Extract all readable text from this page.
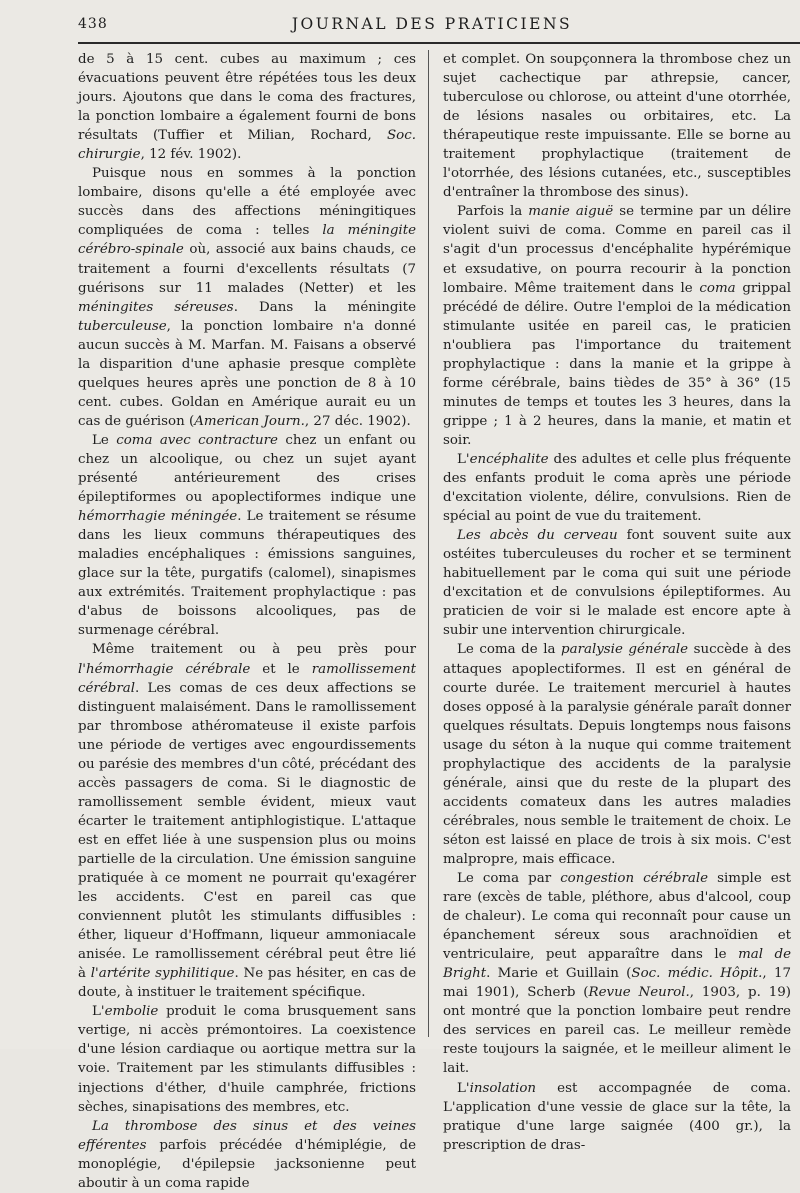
438	JOURNAL DES PRATICIENS

de 5 à 15 cent. cubes au maximum ; ces évacuations peuvent être répétées tous les deux jours. Ajoutons que dans le coma des fractures, la ponction lombaire a également fourni de bons résultats (Tuffier et Milian, Rochard, Soc. chirurgie, 12 fév. 1902).

Puisque nous en sommes à la ponction lombaire, disons qu'elle a été employée avec succès dans des affections méningitiques compliquées de coma : telles la méningite cérébro-spinale où, associé aux bains chauds, ce traitement a fourni d'excellents résultats (7 guérisons sur 11 malades (Netter) et les méningites séreuses. Dans la méningite tuberculeuse, la ponction lombaire n'a donné aucun succès à M. Marfan. M. Faisans a observé la disparition d'une aphasie presque complète quelques heures après une ponction de 8 à 10 cent. cubes. Goldan en Amérique aurait eu un cas de guérison (American Journ., 27 déc. 1902).

Le coma avec contracture chez un enfant ou chez un alcoolique, ou chez un sujet ayant présenté antérieurement des crises épileptiformes ou apoplectiformes indique une hémorrhagie méningée. Le traitement se résume dans les lieux communs thérapeutiques des maladies encéphaliques : émissions sanguines, glace sur la tête, purgatifs (calomel), sinapismes aux extrémités. Traitement prophylactique : pas d'abus de boissons alcooliques, pas de surmenage cérébral.

Même traitement ou à peu près pour l'hémorrhagie cérébrale et le ramollissement cérébral. Les comas de ces deux affections se distinguent malaisément. Dans le ramollissement par thrombose athéromateuse il existe parfois une période de vertiges avec engourdissements ou parésie des membres d'un côté, précédant des accès passagers de coma. Si le diagnostic de ramollissement semble évident, mieux vaut écarter le traitement antiphlogistique. L'attaque est en effet liée à une suspension plus ou moins partielle de la circulation. Une émission sanguine pratiquée à ce moment ne pourrait qu'exagérer les accidents. C'est en pareil cas que conviennent plutôt les stimulants diffusibles : éther, liqueur d'Hoffmann, liqueur ammoniacale anisée. Le ramollissement cérébral peut être lié à l'artérite syphilitique. Ne pas hésiter, en cas de doute, à instituer le traitement spécifique.

L'embolie produit le coma brusquement sans vertige, ni accès prémontoires. La coexistence d'une lésion cardiaque ou aortique mettra sur la voie. Traitement par les stimulants diffusibles : injections d'éther, d'huile camphrée, frictions sèches, sinapisations des membres, etc.

La thrombose des sinus et des veines efférentes parfois précédée d'hémiplégie, de monoplégie, d'épilepsie jacksonienne peut aboutir à un coma rapide

et complet. On soupçonnera la thrombose chez un sujet cachectique par athrepsie, cancer, tuberculose ou chlorose, ou atteint d'une otorrhée, de lésions nasales ou orbitaires, etc. La thérapeutique reste impuissante. Elle se borne au traitement prophylactique (traitement de l'otorrhée, des lésions cutanées, etc., susceptibles d'entraîner la thrombose des sinus).

Parfois la manie aiguë se termine par un délire violent suivi de coma. Comme en pareil cas il s'agit d'un processus d'encéphalite hypérémique et exsudative, on pourra recourir à la ponction lombaire. Même traitement dans le coma grippal précédé de délire. Outre l'emploi de la médication stimulante usitée en pareil cas, le praticien n'oubliera pas l'importance du traitement prophylactique : dans la manie et la grippe à forme cérébrale, bains tièdes de 35° à 36° (15 minutes de temps et toutes les 3 heures, dans la grippe ; 1 à 2 heures, dans la manie, et matin et soir.

L'encéphalite des adultes et celle plus fréquente des enfants produit le coma après une période d'excitation violente, délire, convulsions. Rien de spécial au point de vue du traitement.

Les abcès du cerveau font souvent suite aux ostéites tuberculeuses du rocher et se terminent habituellement par le coma qui suit une période d'excitation et de convulsions épileptiformes. Au praticien de voir si le malade est encore apte à subir une intervention chirurgicale.

Le coma de la paralysie générale succède à des attaques apoplectiformes. Il est en général de courte durée. Le traitement mercuriel à hautes doses opposé à la paralysie générale paraît donner quelques résultats. Depuis longtemps nous faisons usage du séton à la nuque qui comme traitement prophylactique des accidents de la paralysie générale, ainsi que du reste de la plupart des accidents comateux dans les autres maladies cérébrales, nous semble le traitement de choix. Le séton est laissé en place de trois à six mois. C'est malpropre, mais efficace.

Le coma par congestion cérébrale simple est rare (excès de table, pléthore, abus d'alcool, coup de chaleur). Le coma qui reconnaît pour cause un épanchement séreux sous arachnoïdien et ventriculaire, peut apparaître dans le mal de Bright. Marie et Guillain (Soc. médic. Hôpit., 17 mai 1901), Scherb (Revue Neurol., 1903, p. 19) ont montré que la ponction lombaire peut rendre des services en pareil cas. Le meilleur remède reste toujours la saignée, et le meilleur aliment le lait.

L'insolation est accompagnée de coma. L'application d'une vessie de glace sur la tête, la pratique d'une large saignée (400 gr.), la prescription de dras-
